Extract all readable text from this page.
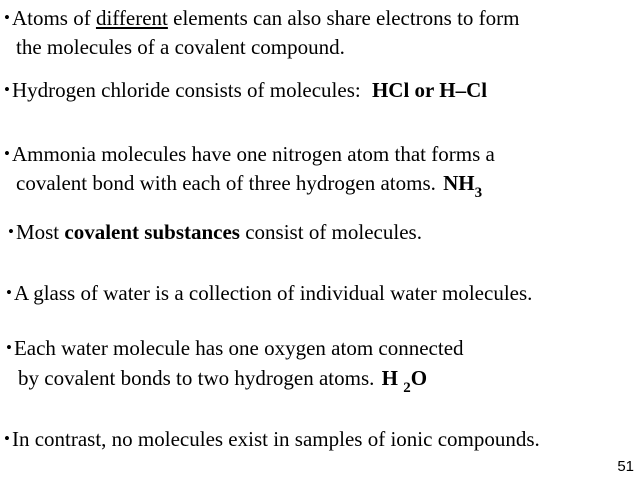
•Atoms of different elements can also share electrons to form
the molecules of a covalent compound.
•Hydrogen chloride consists of molecules: HCl or H–Cl
•Ammonia molecules have one nitrogen atom that forms a
covalent bond with each of three hydrogen atoms. $NH_3$
•Most covalent substances consist of molecules.
•A glass of water is a collection of individual water molecules.
•Each water molecule has one oxygen atom connected
by covalent bonds to two hydrogen atoms. H $_2$O
•In contrast, no molecules exist in samples of ionic compounds.
51
